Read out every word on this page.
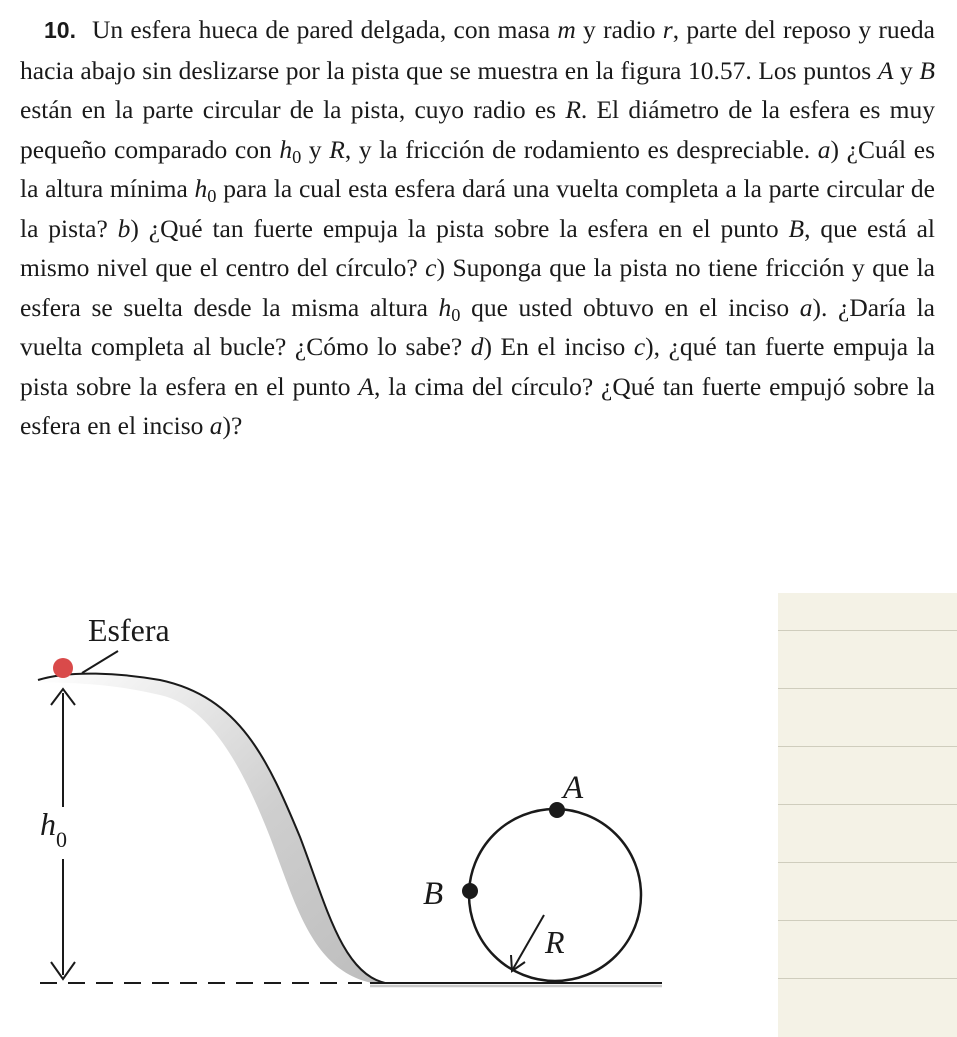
10. Un esfera hueca de pared delgada, con masa m y radio r, parte del reposo y rueda hacia abajo sin deslizarse por la pista que se muestra en la figura 10.57. Los puntos A y B están en la parte circular de la pista, cuyo radio es R. El diámetro de la esfera es muy pequeño comparado con $h_0$ y R, y la fricción de rodamiento es despreciable. a) ¿Cuál es la altura mínima $h_0$ para la cual esta esfera dará una vuelta completa a la parte circular de la pista? b) ¿Qué tan fuerte empuja la pista sobre la esfera en el punto B, que está al mismo nivel que el centro del círculo? c) Suponga que la pista no tiene fricción y que la esfera se suelta desde la misma altura $h_0$ que usted obtuvo en el inciso a). ¿Daría la vuelta completa al bucle? ¿Cómo lo sabe? d) En el inciso c), ¿qué tan fuerte empuja la pista sobre la esfera en el punto A, la cima del círculo? ¿Qué tan fuerte empujó sobre la esfera en el inciso a)?
Esfera
$h_0$
A
B
R
